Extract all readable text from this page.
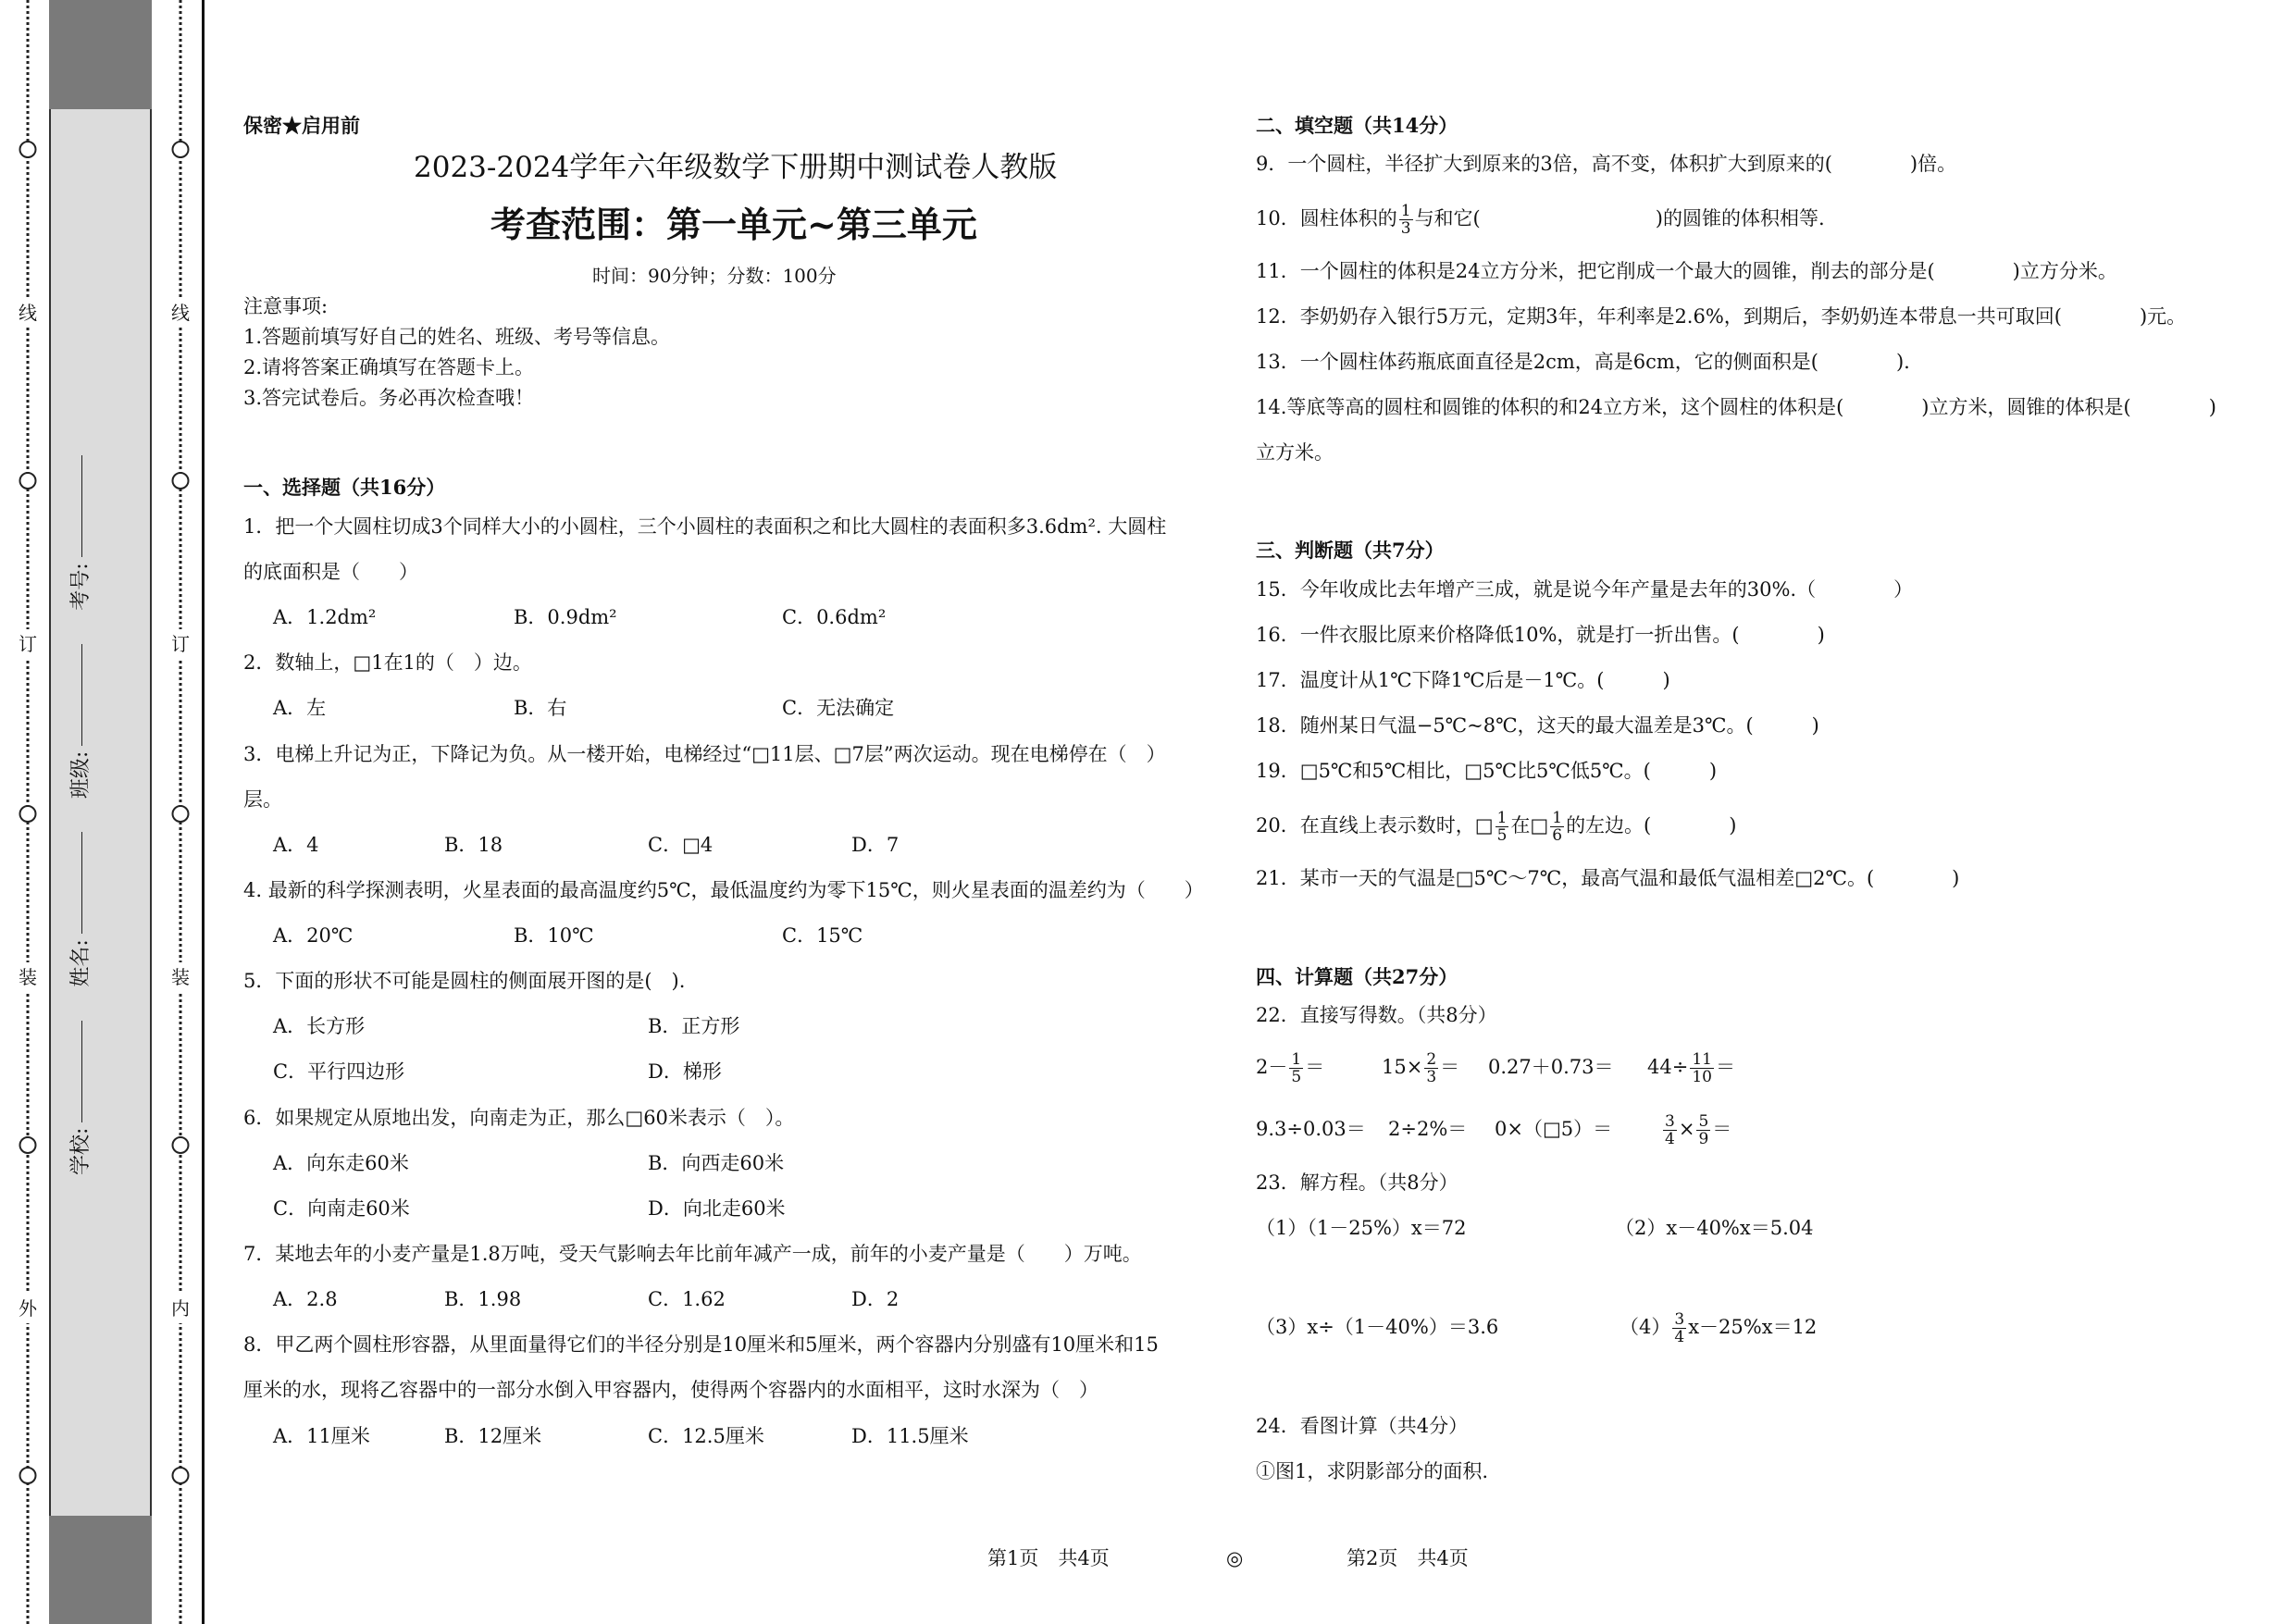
线
订
装
外
学校:
姓名:
班级:
考号:
线
订
装
内
保密★启用前
2023-2024学年六年级数学下册期中测试卷人教版
考查范围：第一单元~第三单元
时间：90分钟；分数：100分
注意事项:
1.答题前填写好自己的姓名、班级、考号等信息。
2.请将答案正确填写在答题卡上。
3.答完试卷后。务必再次检查哦！
一、选择题（共16分）
1．把一个大圆柱切成3个同样大小的小圆柱，三个小圆柱的表面积之和比大圆柱的表面积多3.6dm². 大圆柱
的底面积是（　　）
A．1.2dm²	B．0.9dm²	C．0.6dm²
2．数轴上，□1在1的（　）边。
A．左	B．右	C．无法确定
3．电梯上升记为正，下降记为负。从一楼开始，电梯经过“□11层、□7层”两次运动。现在电梯停在（　）
层。
A．4	B．18	C．□4	D．7
4. 最新的科学探测表明，火星表面的最高温度约5℃，最低温度约为零下15℃，则火星表面的温差约为（　　）
A．20℃	B．10℃	C．15℃
5．下面的形状不可能是圆柱的侧面展开图的是(　).
A．长方形	B．正方形
C．平行四边形	D．梯形
6．如果规定从原地出发，向南走为正，那么□60米表示（　）。
A．向东走60米	B．向西走60米
C．向南走60米	D．向北走60米
7．某地去年的小麦产量是1.8万吨，受天气影响去年比前年减产一成，前年的小麦产量是（　　）万吨。
A．2.8	B．1.98	C．1.62	D．2
8．甲乙两个圆柱形容器，从里面量得它们的半径分别是10厘米和5厘米，两个容器内分别盛有10厘米和15
厘米的水，现将乙容器中的一部分水倒入甲容器内，使得两个容器内的水面相平，这时水深为（　）
A．11厘米	B．12厘米	C．12.5厘米	D．11.5厘米
二、填空题（共14分）
9．一个圆柱，半径扩大到原来的3倍，高不变，体积扩大到原来的(　　　　)倍。
10．圆柱体积的 $\frac{1}{3}$ 与和它(　　　　　　　　　)的圆锥的体积相等.
11．一个圆柱的体积是24立方分米，把它削成一个最大的圆锥，削去的部分是(　　　　)立方分米。
12．李奶奶存入银行5万元，定期3年，年利率是2.6%，到期后，李奶奶连本带息一共可取回(　　　　)元。
13．一个圆柱体药瓶底面直径是2cm，高是6cm，它的侧面积是(　　　　).
14.等底等高的圆柱和圆锥的体积的和24立方米，这个圆柱的体积是(　　　　)立方米，圆锥的体积是(　　　　)
立方米。
三、判断题（共7分）
15．今年收成比去年增产三成，就是说今年产量是去年的30%.（　　　　）
16．一件衣服比原来价格降低10%，就是打一折出售。(　　　　)
17．温度计从1℃下降1℃后是－1℃。(　　　)
18．随州某日气温−5℃~8℃，这天的最大温差是3℃。(　　　)
19．□5℃和5℃相比，□5℃比5℃低5℃。(　　　)
20．在直线上表示数时，□ $\frac{1}{5}$ 在□ $\frac{1}{6}$ 的左边。(　　　　)
21．某市一天的气温是□5℃～7℃，最高气温和最低气温相差□2℃。(　　　　)
四、计算题（共27分）
22．直接写得数。（共8分）
$2- \frac{1}{5}$ ＝	$15\times \frac{2}{3} = 0.27+0.73= 44\div \frac{11}{10}$ ＝
9.3÷0.03＝ 2÷2%＝ 0×（□5）＝	$\frac{3}{4} \times \frac{5}{9}$ ＝
23．解方程。（共8分）
（1）（1－25%）x＝72	（2）x－40%x＝5.04
（3）x÷（1－40%）＝3.6	$(4) \frac{3}{4} x-25\%x=12$
24．看图计算（共4分）
①图1，求阴影部分的面积.
第1页　共4页	◎	第2页　共4页
